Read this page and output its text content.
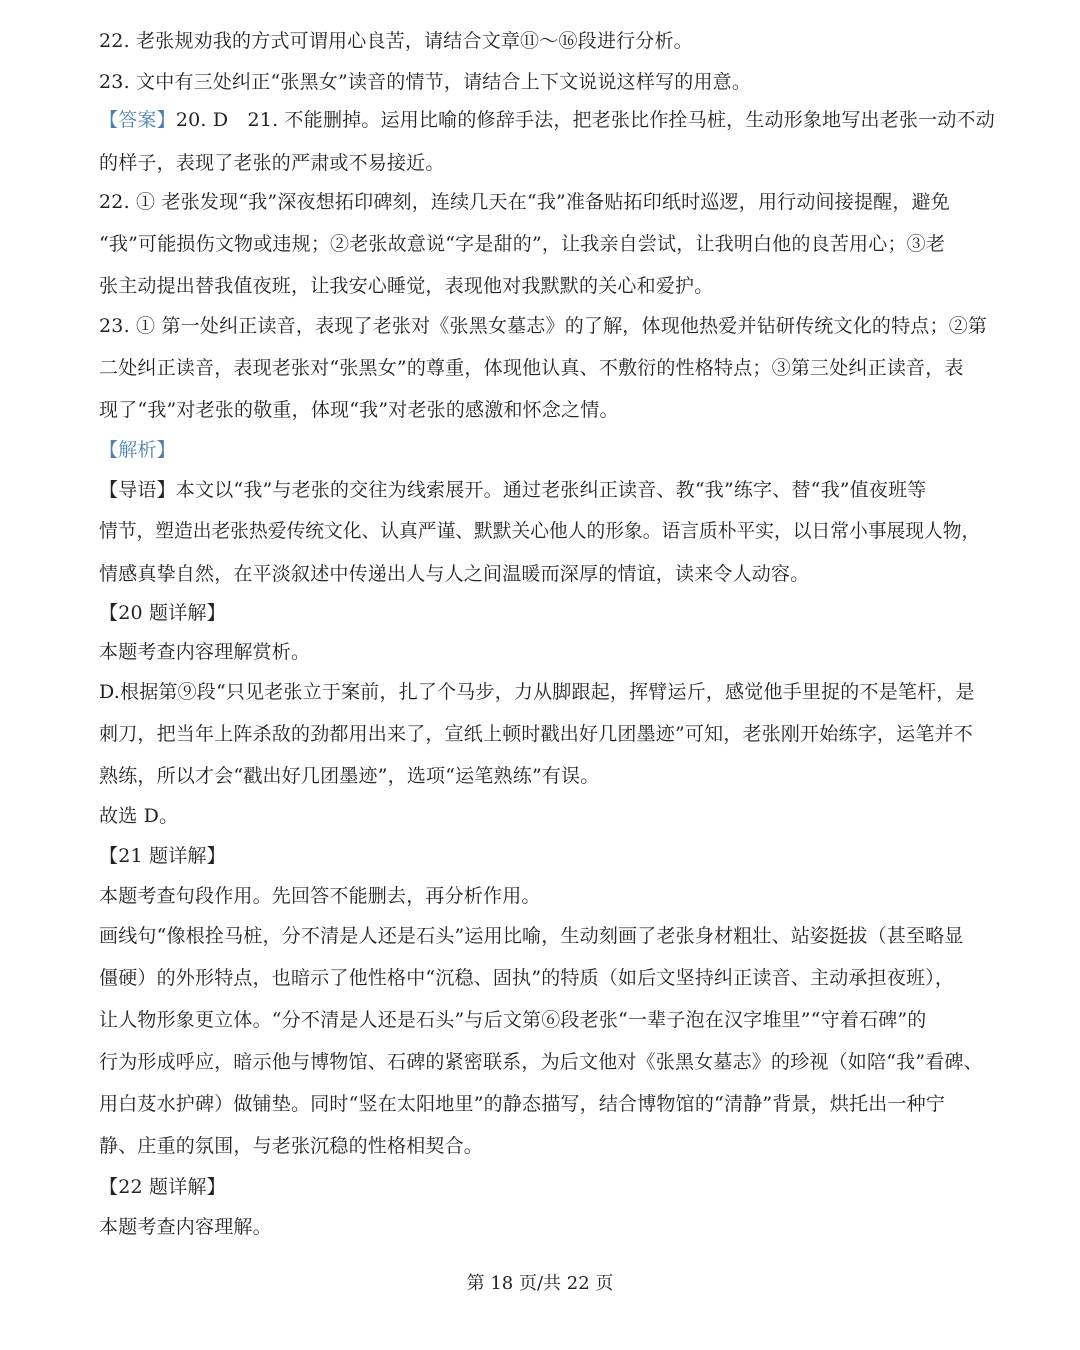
22. 老张规劝我的方式可谓用心良苦，请结合文章⑪～⑯段进行分析。
23. 文中有三处纠正“张黑女”读音的情节，请结合上下文说说这样写的用意。
【答案】20. D　21. 不能删掉。运用比喻的修辞手法，把老张比作拴马桩，生动形象地写出老张一动不动
的样子，表现了老张的严肃或不易接近。
22. ① 老张发现“我”深夜想拓印碑刻，连续几天在“我”准备贴拓印纸时巡逻，用行动间接提醒，避免
“我”可能损伤文物或违规；②老张故意说“字是甜的”，让我亲自尝试，让我明白他的良苦用心；③老
张主动提出替我值夜班，让我安心睡觉，表现他对我默默的关心和爱护。
23. ① 第一处纠正读音，表现了老张对《张黑女墓志》的了解，体现他热爱并钻研传统文化的特点；②第
二处纠正读音，表现老张对“张黑女”的尊重，体现他认真、不敷衍的性格特点；③第三处纠正读音，表
现了“我”对老张的敬重，体现“我”对老张的感激和怀念之情。
【解析】
【导语】本文以“我”与老张的交往为线索展开。通过老张纠正读音、教“我”练字、替“我”值夜班等
情节，塑造出老张热爱传统文化、认真严谨、默默关心他人的形象。语言质朴平实，以日常小事展现人物，
情感真挚自然，在平淡叙述中传递出人与人之间温暖而深厚的情谊，读来令人动容。
【20 题详解】
本题考查内容理解赏析。
D.根据第⑨段“只见老张立于案前，扎了个马步，力从脚跟起，挥臂运斤，感觉他手里捉的不是笔杆，是
刺刀，把当年上阵杀敌的劲都用出来了，宣纸上顿时戳出好几团墨迹”可知，老张刚开始练字，运笔并不
熟练，所以才会“戳出好几团墨迹”，选项“运笔熟练”有误。
故选 D。
【21 题详解】
本题考查句段作用。先回答不能删去，再分析作用。
画线句“像根拴马桩，分不清是人还是石头”运用比喻，生动刻画了老张身材粗壮、站姿挺拔（甚至略显
僵硬）的外形特点，也暗示了他性格中“沉稳、固执”的特质（如后文坚持纠正读音、主动承担夜班），
让人物形象更立体。“分不清是人还是石头”与后文第⑥段老张“一辈子泡在汉字堆里”“守着石碑”的
行为形成呼应，暗示他与博物馆、石碑的紧密联系，为后文他对《张黑女墓志》的珍视（如陪“我”看碑、
用白芨水护碑）做铺垫。同时“竖在太阳地里”的静态描写，结合博物馆的“清静”背景，烘托出一种宁
静、庄重的氛围，与老张沉稳的性格相契合。
【22 题详解】
本题考查内容理解。
第 18 页/共 22 页
